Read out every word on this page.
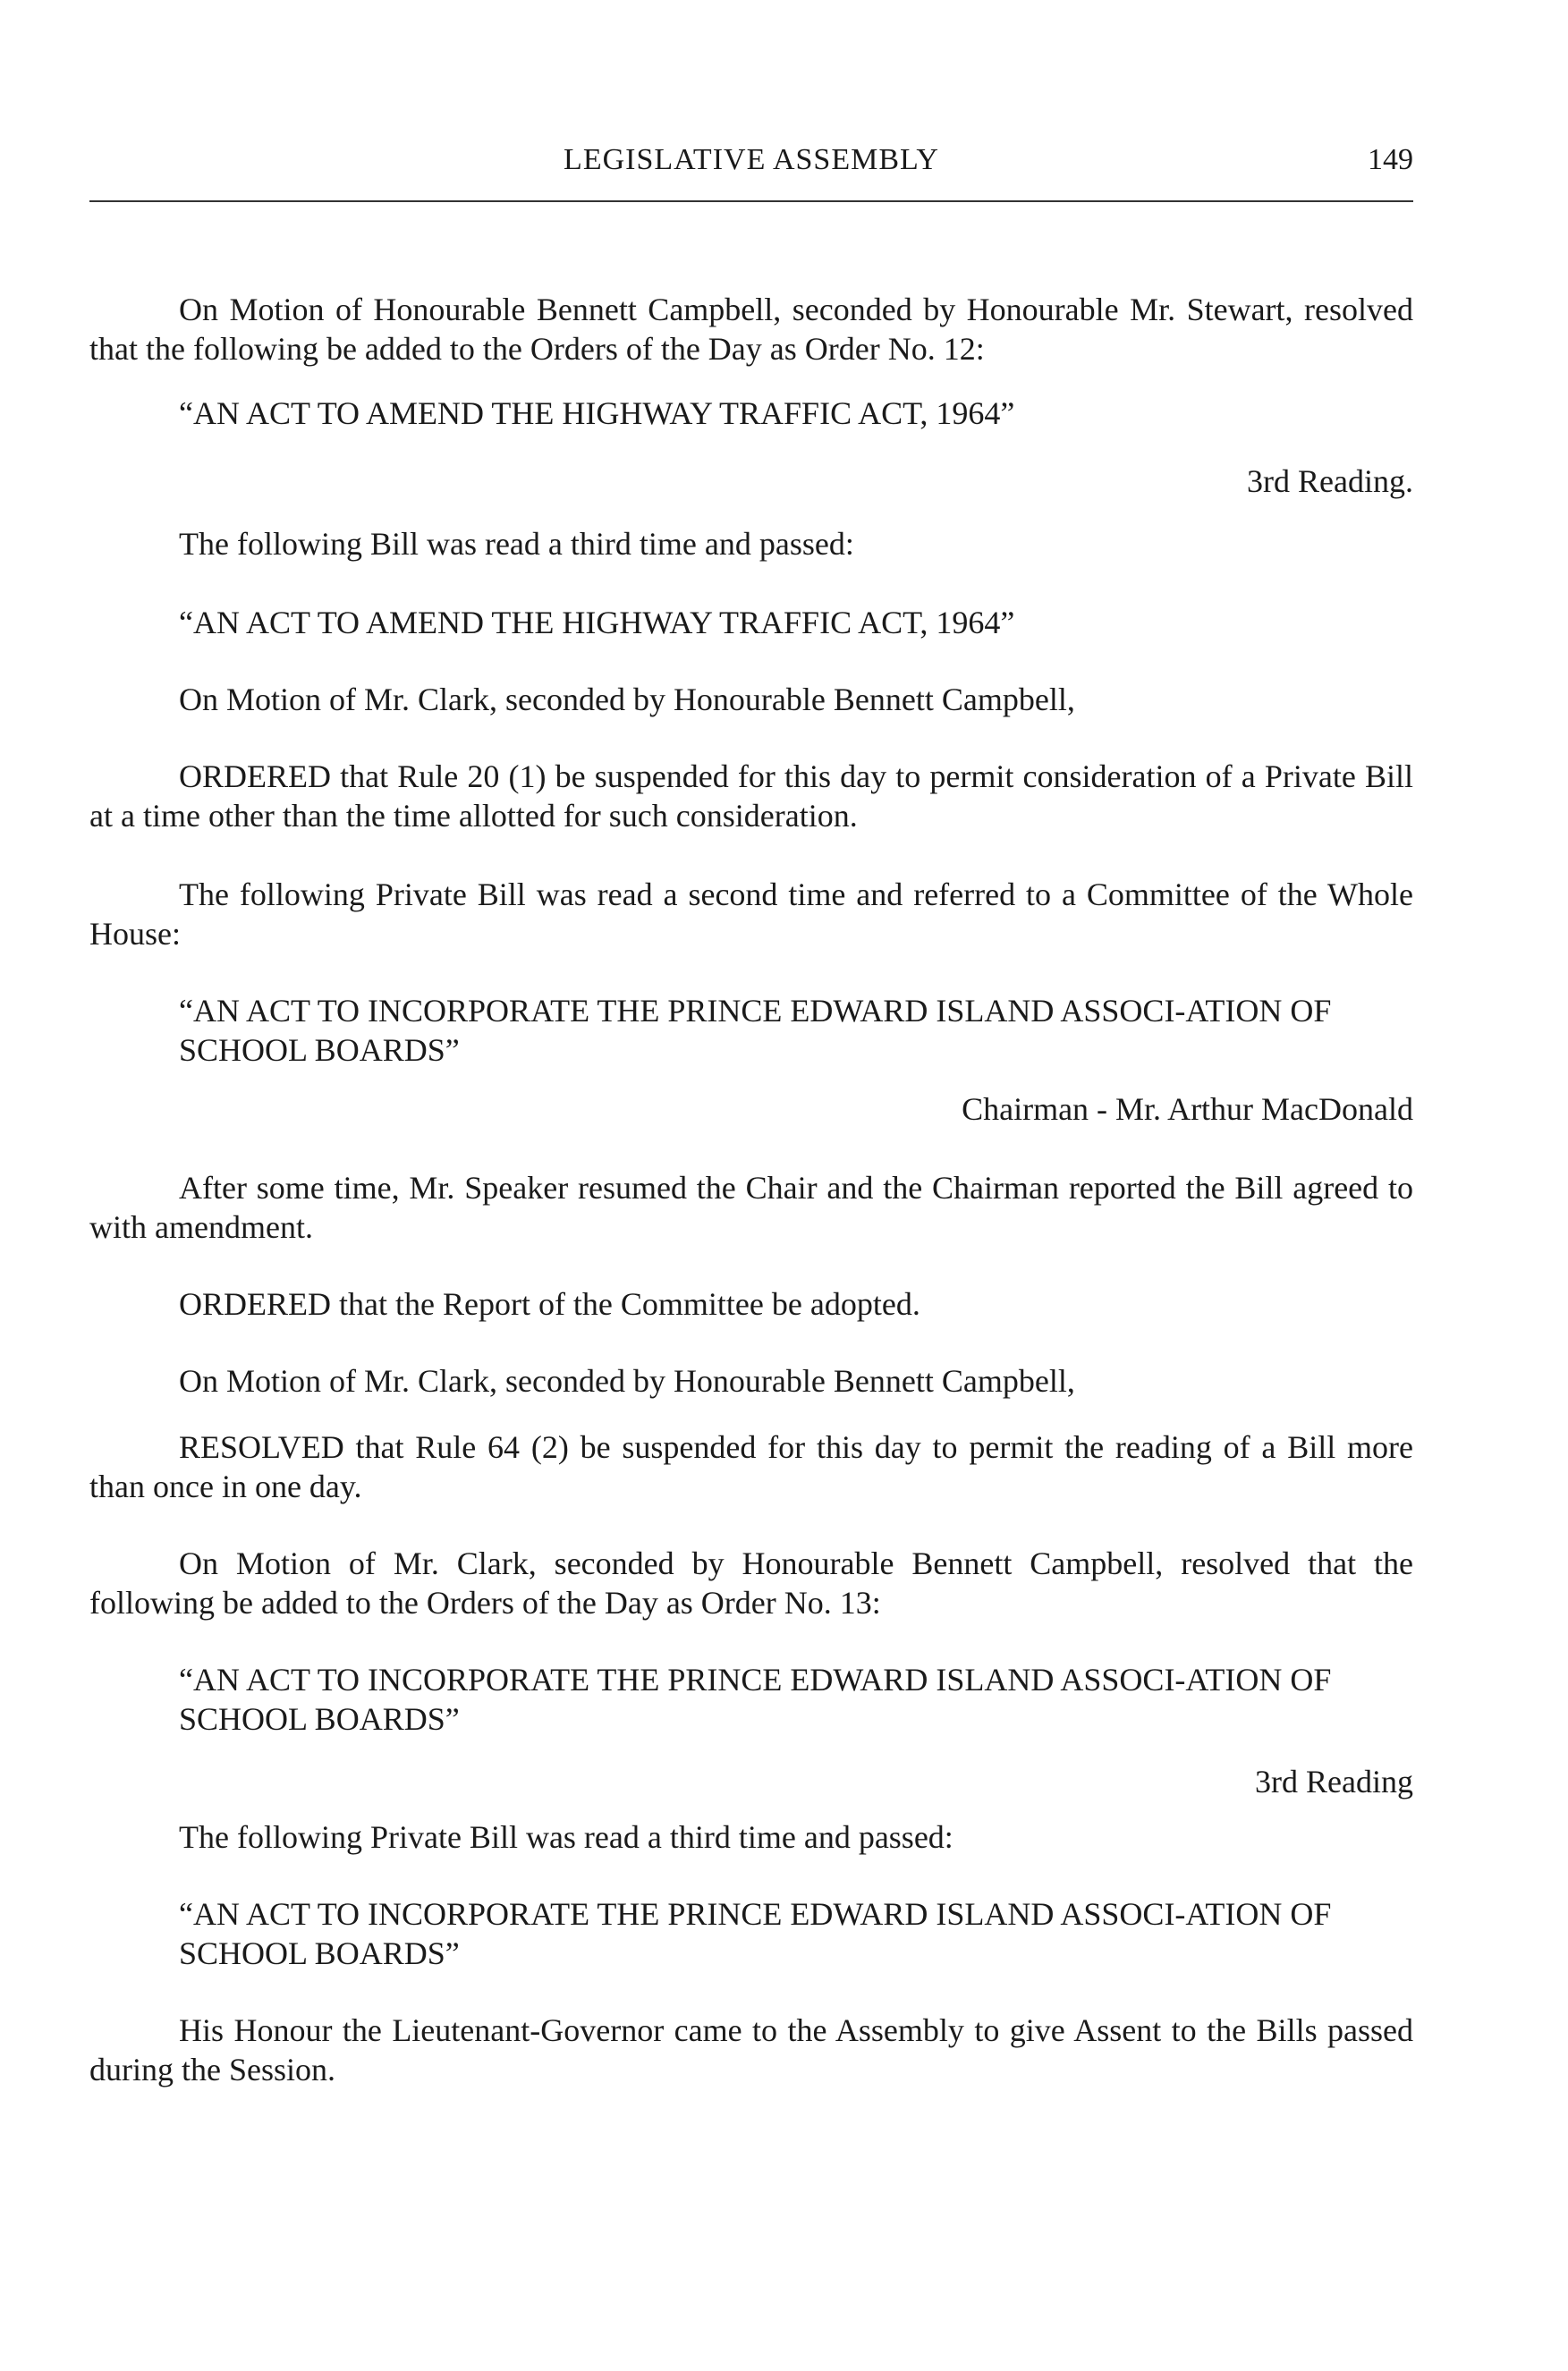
LEGISLATIVE ASSEMBLY	149

On Motion of Honourable Bennett Campbell, seconded by Honourable Mr. Stewart, resolved that the following be added to the Orders of the Day as Order No. 12:

“AN ACT TO AMEND THE HIGHWAY TRAFFIC ACT, 1964”

3rd Reading.

The following Bill was read a third time and passed:

“AN ACT TO AMEND THE HIGHWAY TRAFFIC ACT, 1964”

On Motion of Mr. Clark, seconded by Honourable Bennett Campbell,

ORDERED that Rule 20 (1) be suspended for this day to permit consideration of a Private Bill at a time other than the time allotted for such consideration.

The following Private Bill was read a second time and referred to a Committee of the Whole House:

“AN ACT TO INCORPORATE THE PRINCE EDWARD ISLAND ASSOCI-ATION OF SCHOOL BOARDS”

Chairman - Mr. Arthur MacDonald

After some time, Mr. Speaker resumed the Chair and the Chairman reported the Bill agreed to with amendment.

ORDERED that the Report of the Committee be adopted.

On Motion of Mr. Clark, seconded by Honourable Bennett Campbell,

RESOLVED that Rule 64 (2) be suspended for this day to permit the reading of a Bill more than once in one day.

On Motion of Mr. Clark, seconded by Honourable Bennett Campbell, resolved that the following be added to the Orders of the Day as Order No. 13:

“AN ACT TO INCORPORATE THE PRINCE EDWARD ISLAND ASSOCI-ATION OF SCHOOL BOARDS”

3rd Reading

The following Private Bill was read a third time and passed:

“AN ACT TO INCORPORATE THE PRINCE EDWARD ISLAND ASSOCI-ATION OF SCHOOL BOARDS”

His Honour the Lieutenant-Governor came to the Assembly to give Assent to the Bills passed during the Session.
